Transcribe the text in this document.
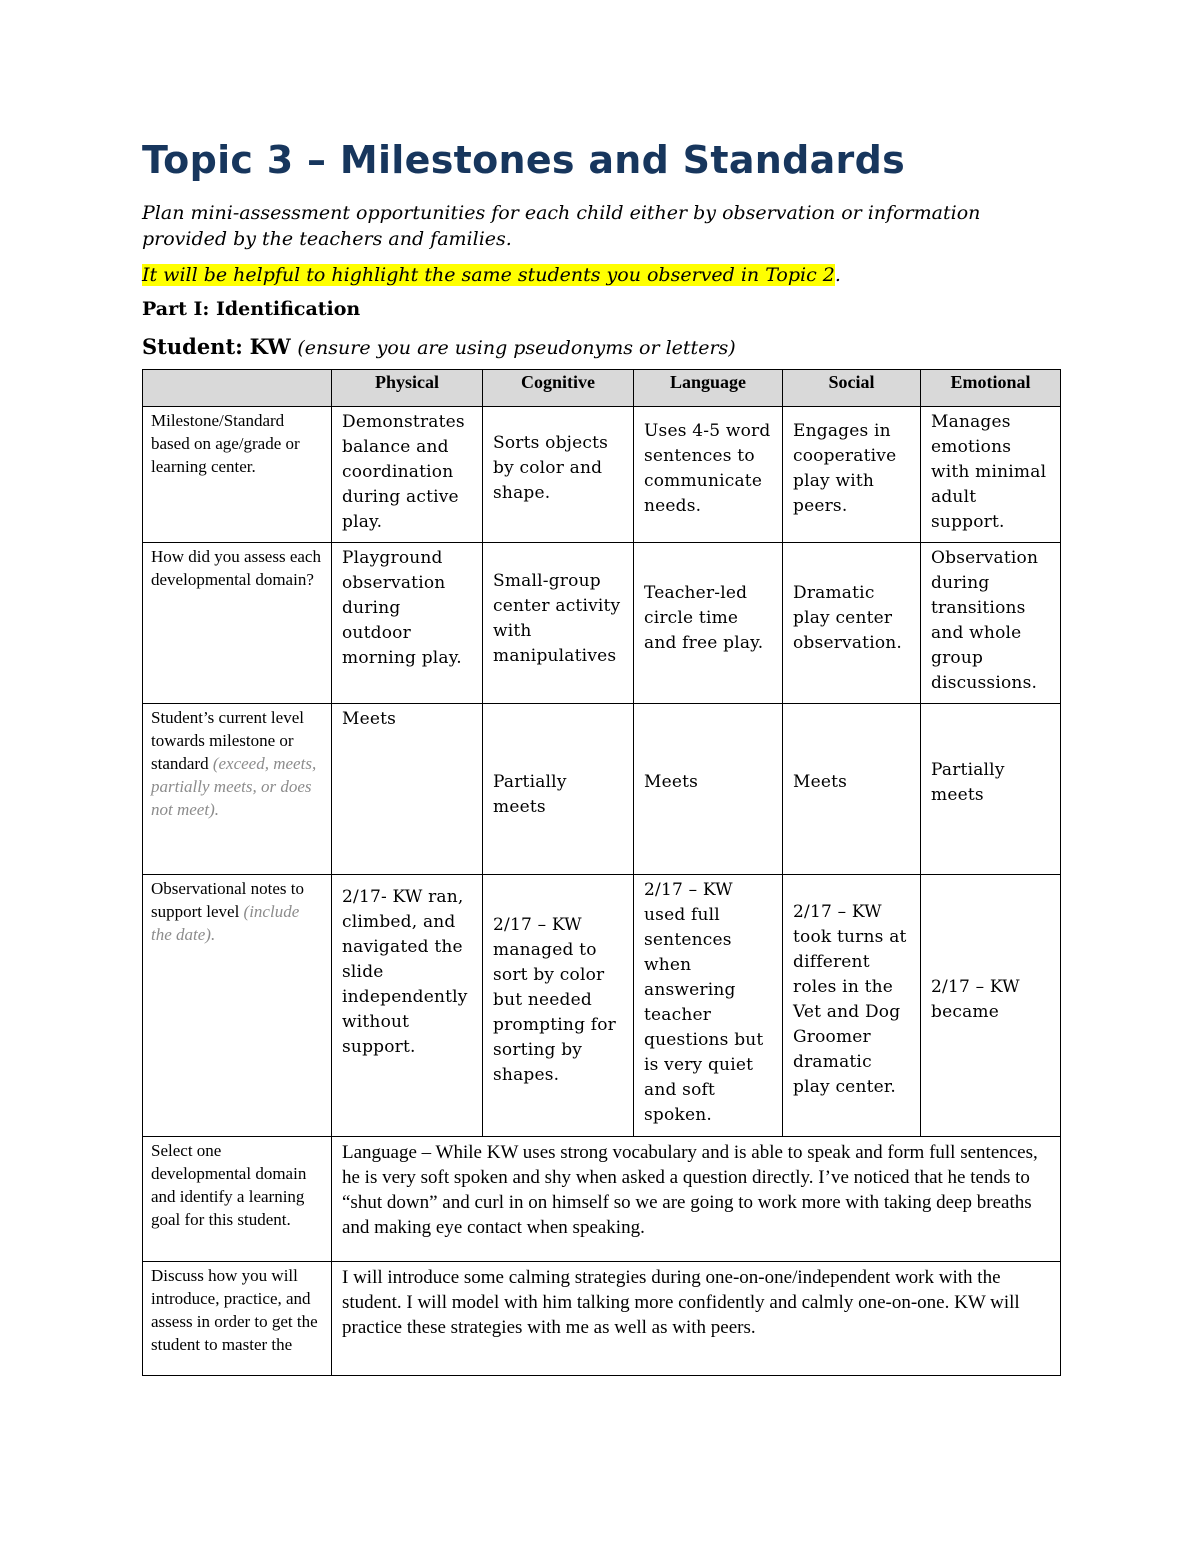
Topic 3 – Milestones and Standards

Plan mini-assessment opportunities for each child either by observation or information provided by the teachers and families.

It will be helpful to highlight the same students you observed in Topic 2.

Part I: Identification

Student: KW (ensure you are using pseudonyms or letters)

	Physical	Cognitive	Language	Social	Emotional
Milestone/Standard based on age/grade or learning center.	Demonstrates balance and coordination during active play.	Sorts objects by color and shape.	Uses 4-5 word sentences to communicate needs.	Engages in cooperative play with peers.	Manages emotions with minimal adult support.
How did you assess each developmental domain?	Playground observation during outdoor morning play.	Small-group center activity with manipulatives	Teacher-led circle time and free play.	Dramatic play center observation.	Observation during transitions and whole group discussions.
Student’s current level towards milestone or standard (exceed, meets, partially meets, or does not meet).	Meets	Partially meets	Meets	Meets	Partially meets
Observational notes to support level (include the date).	2/17- KW ran, climbed, and navigated the slide independently without support.	2/17 – KW managed to sort by color but needed prompting for sorting by shapes.	2/17 – KW used full sentences when answering teacher questions but is very quiet and soft spoken.	2/17 – KW took turns at different roles in the Vet and Dog Groomer dramatic play center.	2/17 – KW became
Select one developmental domain and identify a learning goal for this student.	Language – While KW uses strong vocabulary and is able to speak and form full sentences, he is very soft spoken and shy when asked a question directly. I’ve noticed that he tends to “shut down” and curl in on himself so we are going to work more with taking deep breaths and making eye contact when speaking.				
Discuss how you will introduce, practice, and assess in order to get the student to master the	I will introduce some calming strategies during one-on-one/independent work with the student. I will model with him talking more confidently and calmly one-on-one. KW will practice these strategies with me as well as with peers.				
